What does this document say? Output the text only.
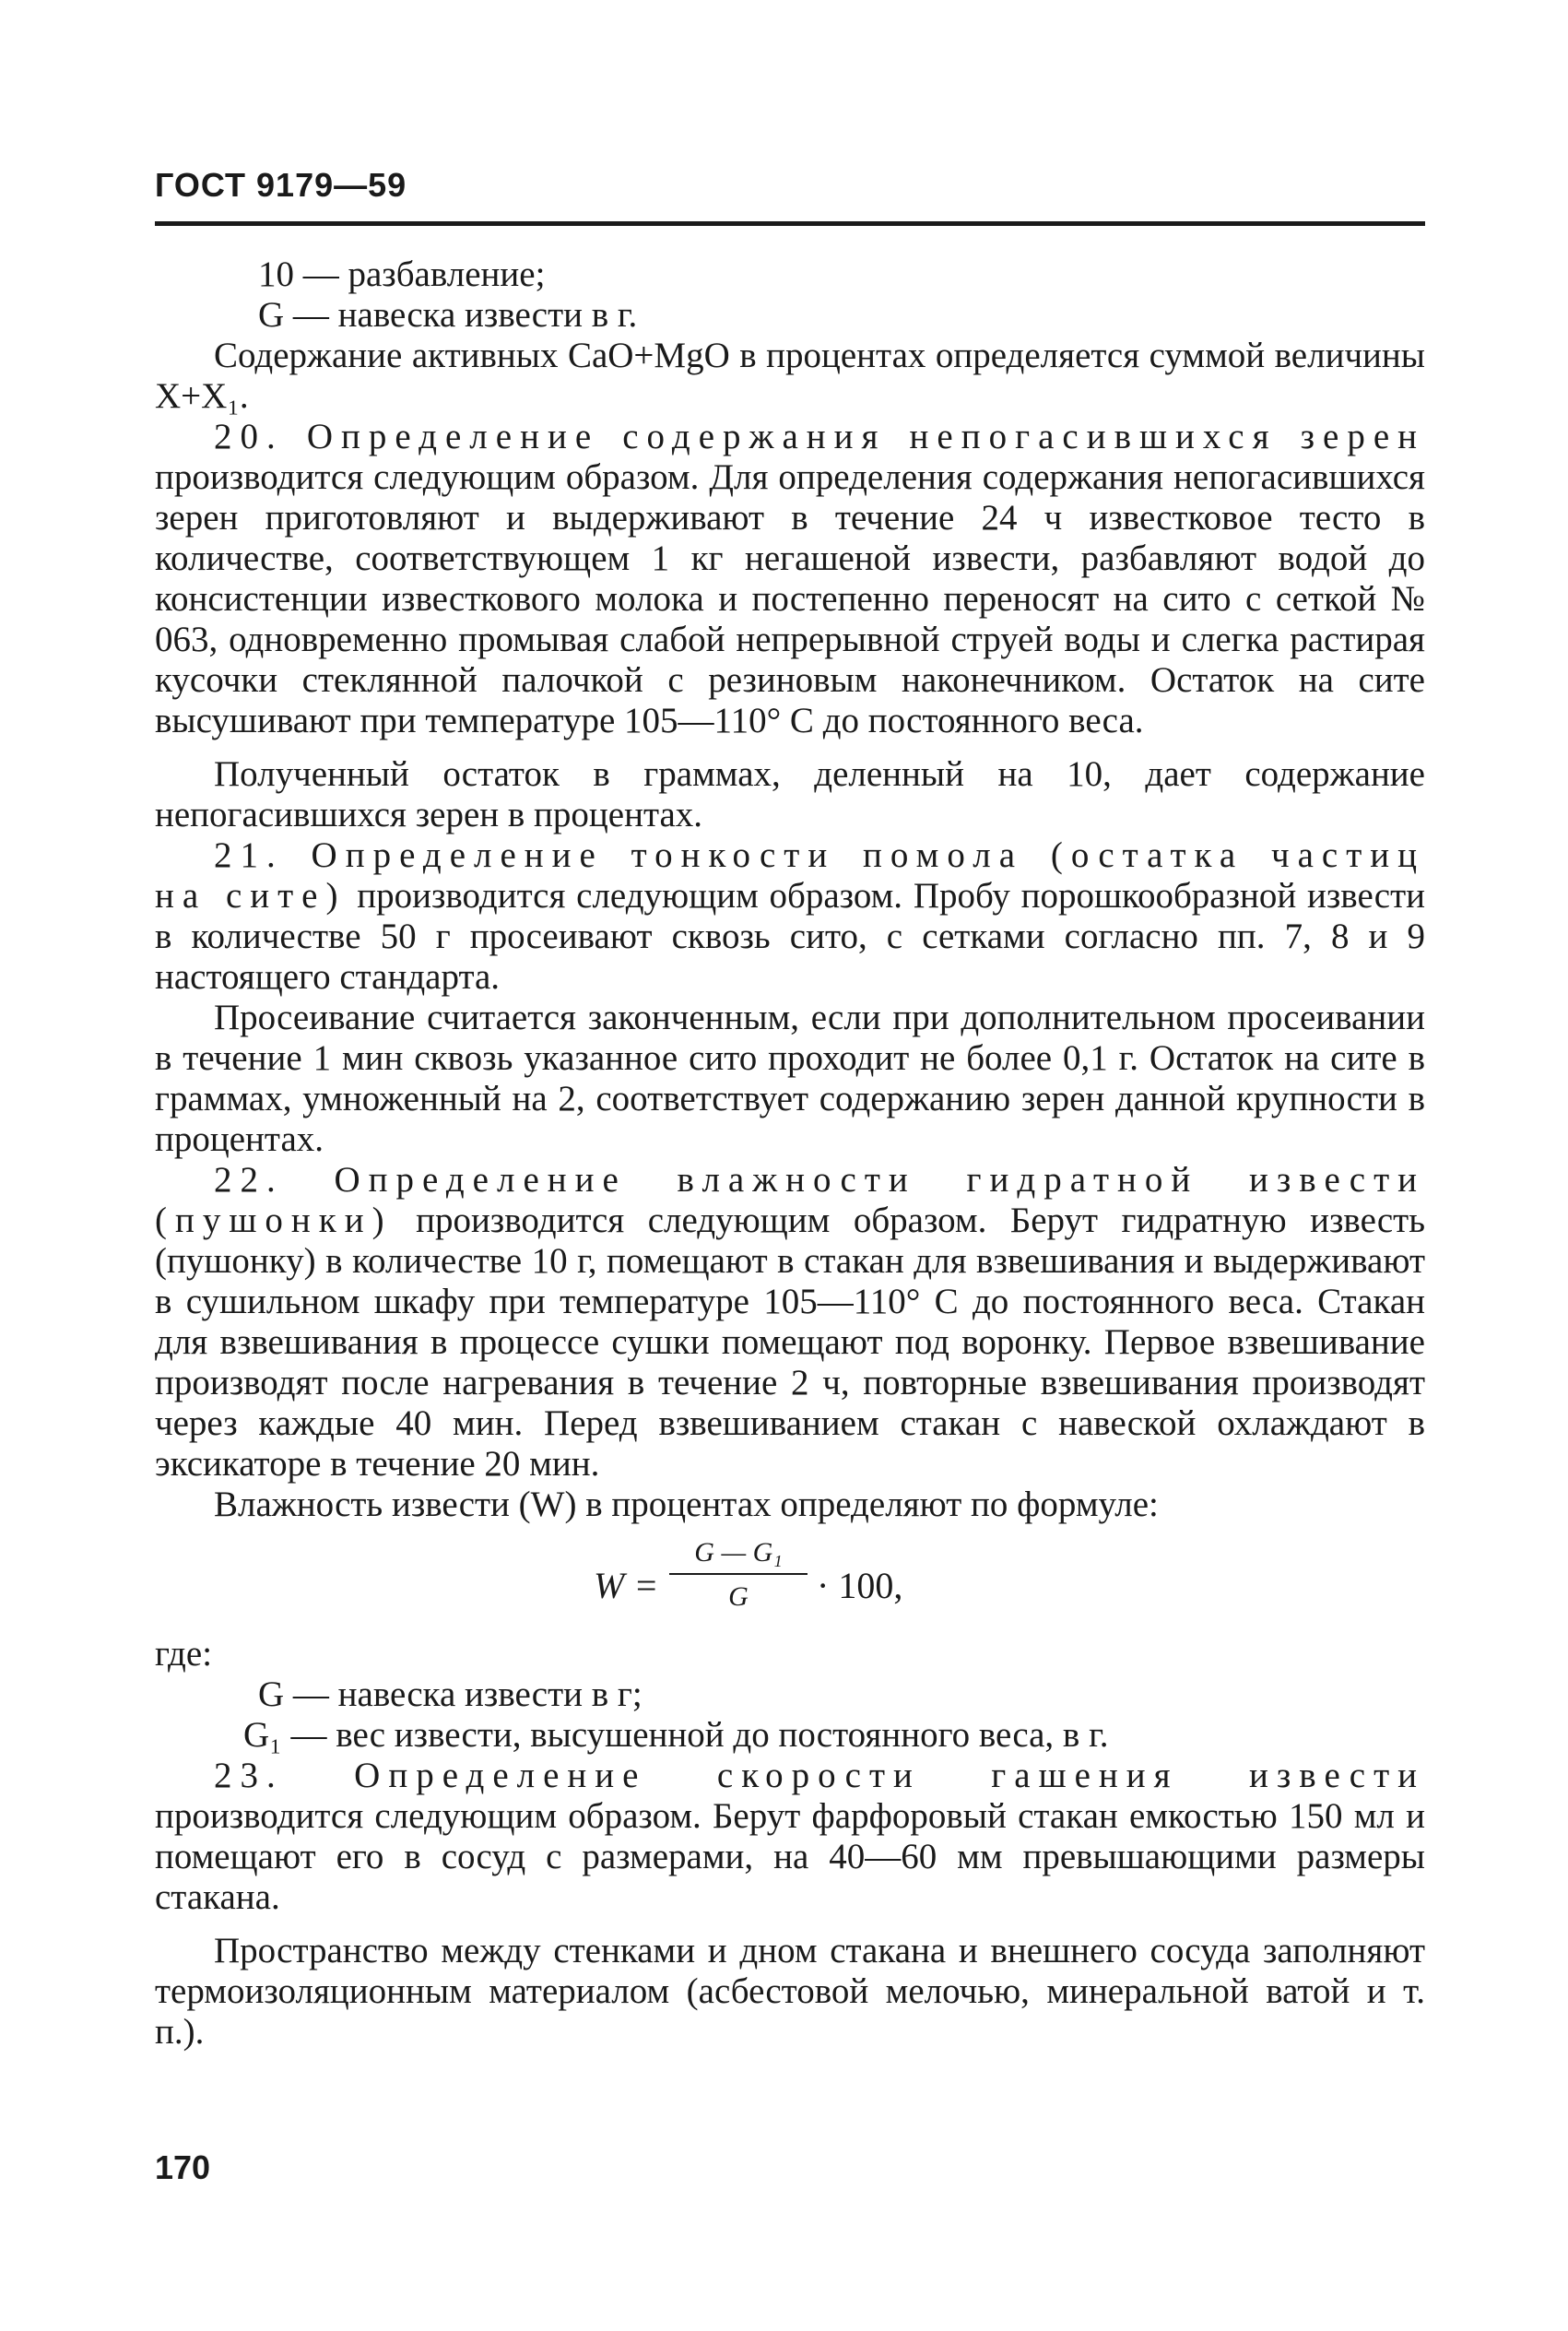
ГОСТ 9179—59

10 — разбавление;

G — навеска извести в г.

Содержание активных CaO+MgO в процентах определяется суммой величины X+X₁.

20. Определение содержания непогасившихся зерен производится следующим образом. Для определения содержания непогасившихся зерен приготовляют и выдерживают в течение 24 ч известковое тесто в количестве, соответствующем 1 кг негашеной извести, разбавляют водой до консистенции известкового молока и постепенно переносят на сито с сеткой № 063, одновременно промывая слабой непрерывной струей воды и слегка растирая кусочки стеклянной палочкой с резиновым наконечником. Остаток на сите высушивают при температуре 105—110° С до постоянного веса.

Полученный остаток в граммах, деленный на 10, дает содержание непогасившихся зерен в процентах.

21. Определение тонкости помола (остатка частиц на сите) производится следующим образом. Пробу порошкообразной извести в количестве 50 г просеивают сквозь сито, с сетками согласно пп. 7, 8 и 9 настоящего стандарта.

Просеивание считается законченным, если при дополнительном просеивании в течение 1 мин сквозь указанное сито проходит не более 0,1 г. Остаток на сите в граммах, умноженный на 2, соответствует содержанию зерен данной крупности в процентах.

22. Определение влажности гидратной извести (пушонки) производится следующим образом. Берут гидратную известь (пушонку) в количестве 10 г, помещают в стакан для взвешивания и выдерживают в сушильном шкафу при температуре 105—110° С до постоянного веса. Стакан для взвешивания в процессе сушки помещают под воронку. Первое взвешивание производят после нагревания в течение 2 ч, повторные взвешивания производят через каждые 40 мин. Перед взвешиванием стакан с навеской охлаждают в эксикаторе в течение 20 мин.

Влажность извести (W) в процентах определяют по формуле:

W =
G — G₁
G	· 100,

где:

G — навеска извести в г;

G₁ — вес извести, высушенной до постоянного веса, в г.

23. Определение скорости гашения извести производится следующим образом. Берут фарфоровый стакан емкостью 150 мл и помещают его в сосуд с размерами, на 40—60 мм превышающими размеры стакана.

Пространство между стенками и дном стакана и внешнего сосуда заполняют термоизоляционным материалом (асбестовой мелочью, минеральной ватой и т. п.).

170
